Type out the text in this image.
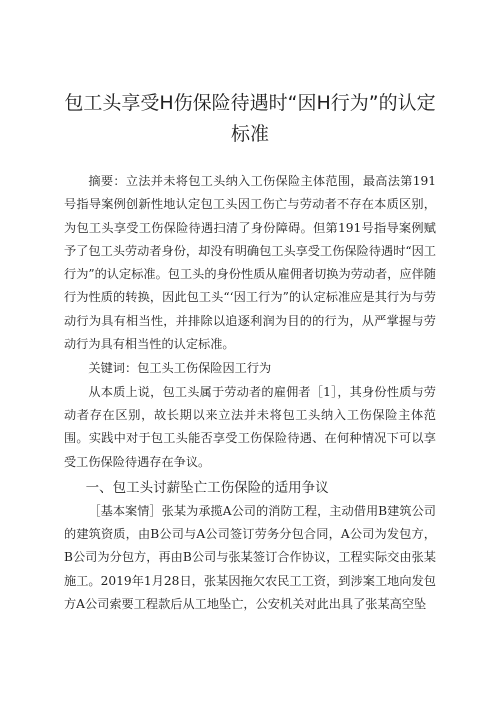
包工头享受H伤保险待遇时“因H行为”的认定
标准

摘要：立法并未将包工头纳入工伤保险主体范围，最高法第191号指导案例创新性地认定包工头因工伤亡与劳动者不存在本质区别，为包工头享受工伤保险待遇扫清了身份障碍。但第191号指导案例赋予了包工头劳动者身份，却没有明确包工头享受工伤保险待遇时“因工行为”的认定标准。包工头的身份性质从雇佣者切换为劳动者，应伴随行为性质的转换，因此包工头“‘因工行为”的认定标准应是其行为与劳动行为具有相当性，并排除以追逐利润为目的的行为，从严掌握与劳动行为具有相当性的认定标准。

关键词：包工头工伤保险因工行为

从本质上说，包工头属于劳动者的雇佣者［1］，其身份性质与劳动者存在区别，故长期以来立法并未将包工头纳入工伤保险主体范围。实践中对于包工头能否享受工伤保险待遇、在何种情况下可以享受工伤保险待遇存在争议。

一、包工头讨薪坠亡工伤保险的适用争议

［基本案情］张某为承揽A公司的消防工程，主动借用B建筑公司的建筑资质，由B公司与A公司签订劳务分包合同，A公司为发包方，B公司为分包方，再由B公司与张某签订合作协议，工程实际交由张某施工。2019年1月28日，张某因拖欠农民工工资，到涉案工地向发包方A公司索要工程款后从工地坠亡，公安机关对此出具了张某高空坠
